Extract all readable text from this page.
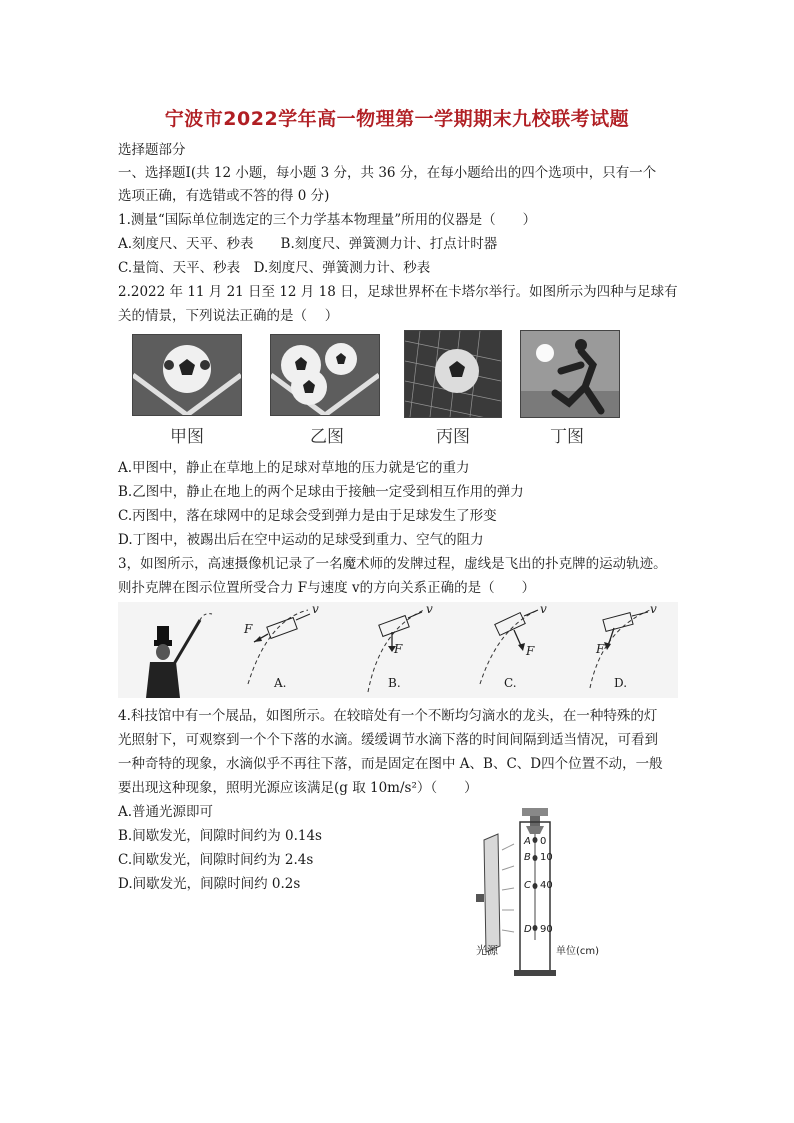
宁波市2022学年高一物理第一学期期末九校联考试题
选择题部分
一、选择题I(共 12 小题，每小题 3 分，共 36 分，在每小题给出的四个选项中，只有一个
选项正确，有选错或不答的得 0 分)
1.测量“国际单位制选定的三个力学基本物理量”所用的仪器是（　　）
A.刻度尺、天平、秒表　　B.刻度尺、弹簧测力计、打点计时器
C.量筒、天平、秒表　D.刻度尺、弹簧测力计、秒表
2.2022 年 11 月 21 日至 12 月 18 日，足球世界杯在卡塔尔举行。如图所示为四种与足球有
关的情景，下列说法正确的是（　 ）
甲图	乙图	丙图	丁图
A.甲图中，静止在草地上的足球对草地的压力就是它的重力
B.乙图中，静止在地上的两个足球由于接触一定受到相互作用的弹力
C.丙图中，落在球网中的足球会受到弹力是由于足球发生了形变
D.丁图中，被踢出后在空中运动的足球受到重力、空气的阻力
3，如图所示，高速摄像机记录了一名魔术师的发牌过程，虚线是飞出的扑克牌的运动轨迹。
则扑克牌在图示位置所受合力 F与速度 v的方向关系正确的是（　　）
F
v
F
v
F
v
F
v
A.	B.	C.	D.
4.科技馆中有一个展品，如图所示。在较暗处有一个不断均匀滴水的龙头，在一种特殊的灯
光照射下，可观察到一个个下落的水滴。缓缓调节水滴下落的时间间隔到适当情况，可看到
一种奇特的现象，水滴似乎不再往下落，而是固定在图中 A、B、C、D四个位置不动，一般
要出现这种现象，照明光源应该满足(g 取 10m/s²）（　　）
A.普通光源即可
B.间歇发光，间隙时间约为 0.14s
C.间歇发光，间隙时间约为 2.4s
D.间歇发光，间隙时间约 0.2s
A
B
C
D
0
10
40
90
光源	单位(cm)
